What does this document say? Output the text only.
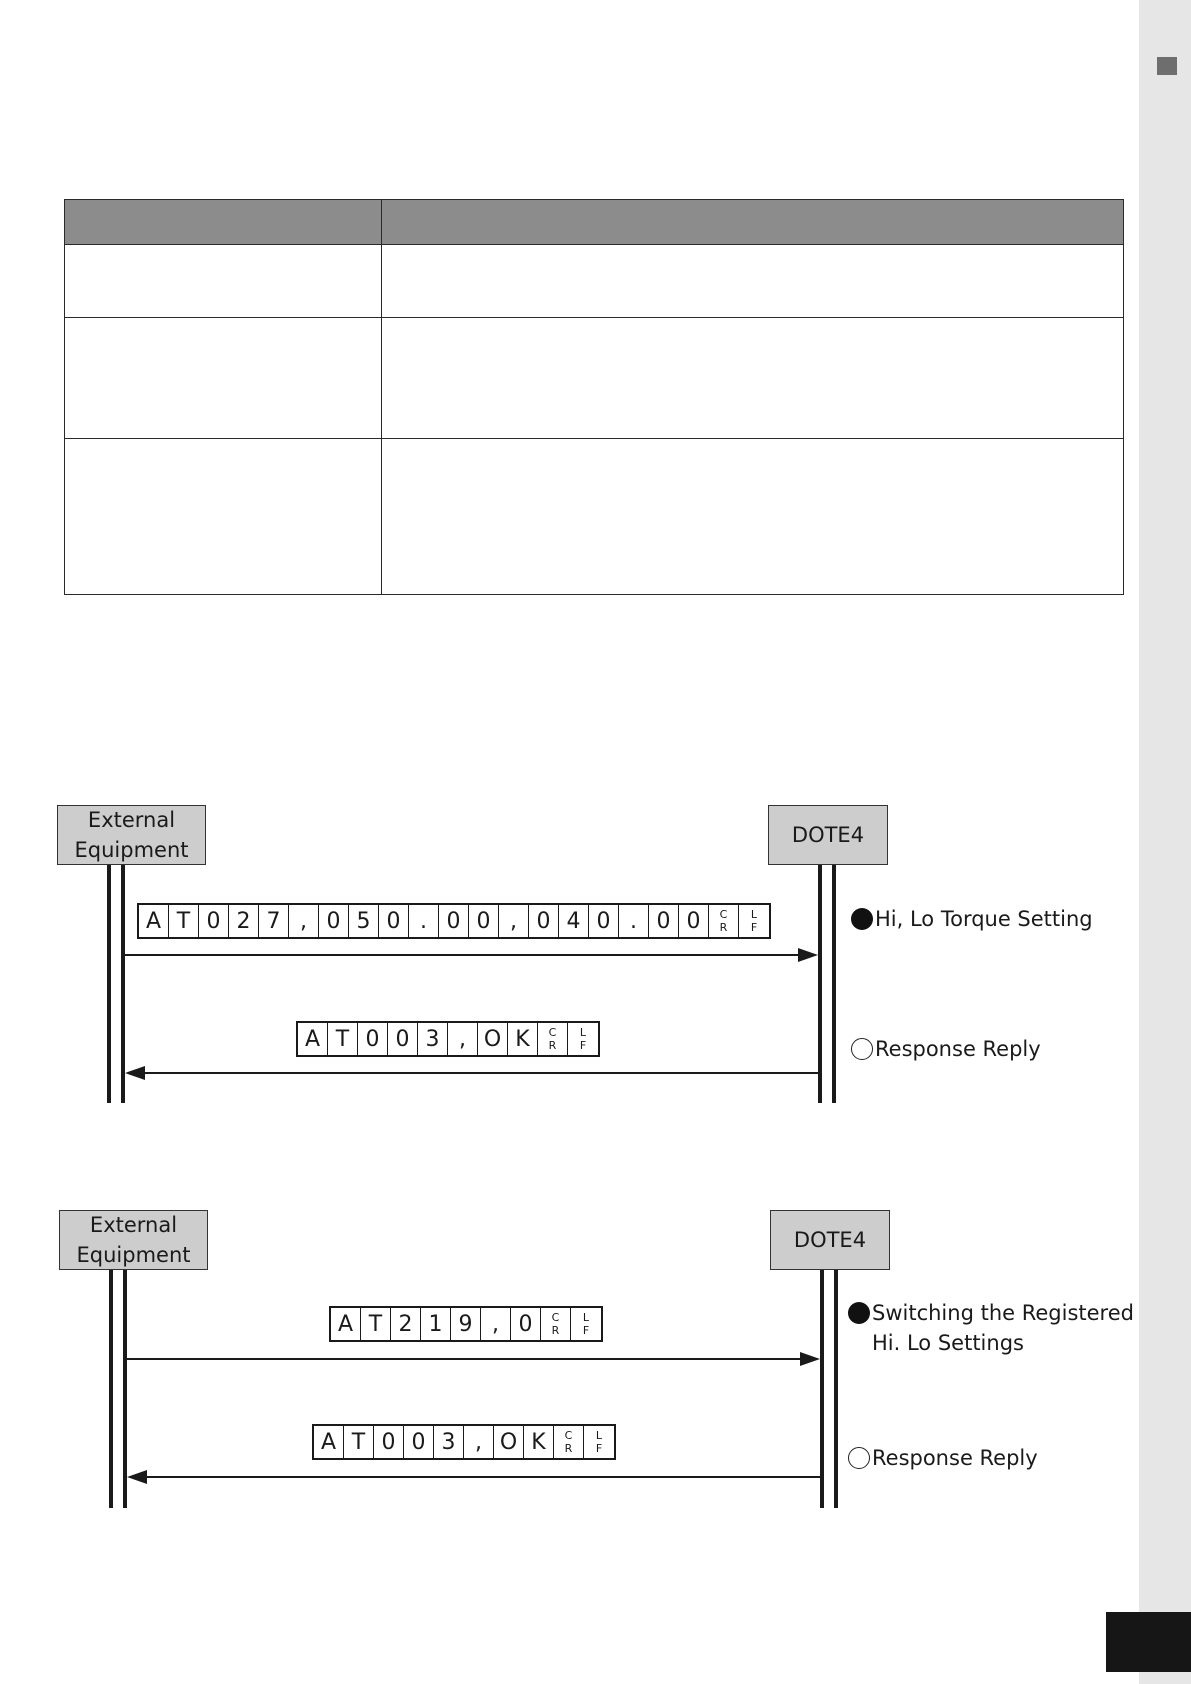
External
Equipment
DOTE4
A T 0 2 7 , 0 5 0 . 0 0 , 0 4 0 . 0 0	C
R
L
F	Hi, Lo Torque Setting
A T 0 0 3 , O K	C
R
L
F	Response Reply
External
Equipment
DOTE4
A T 2 1 9 , 0	C
R
L
F
Switching the Registered
Hi. Lo Settings
A T 0 0 3 , O K	C
R
L
F	Response Reply
